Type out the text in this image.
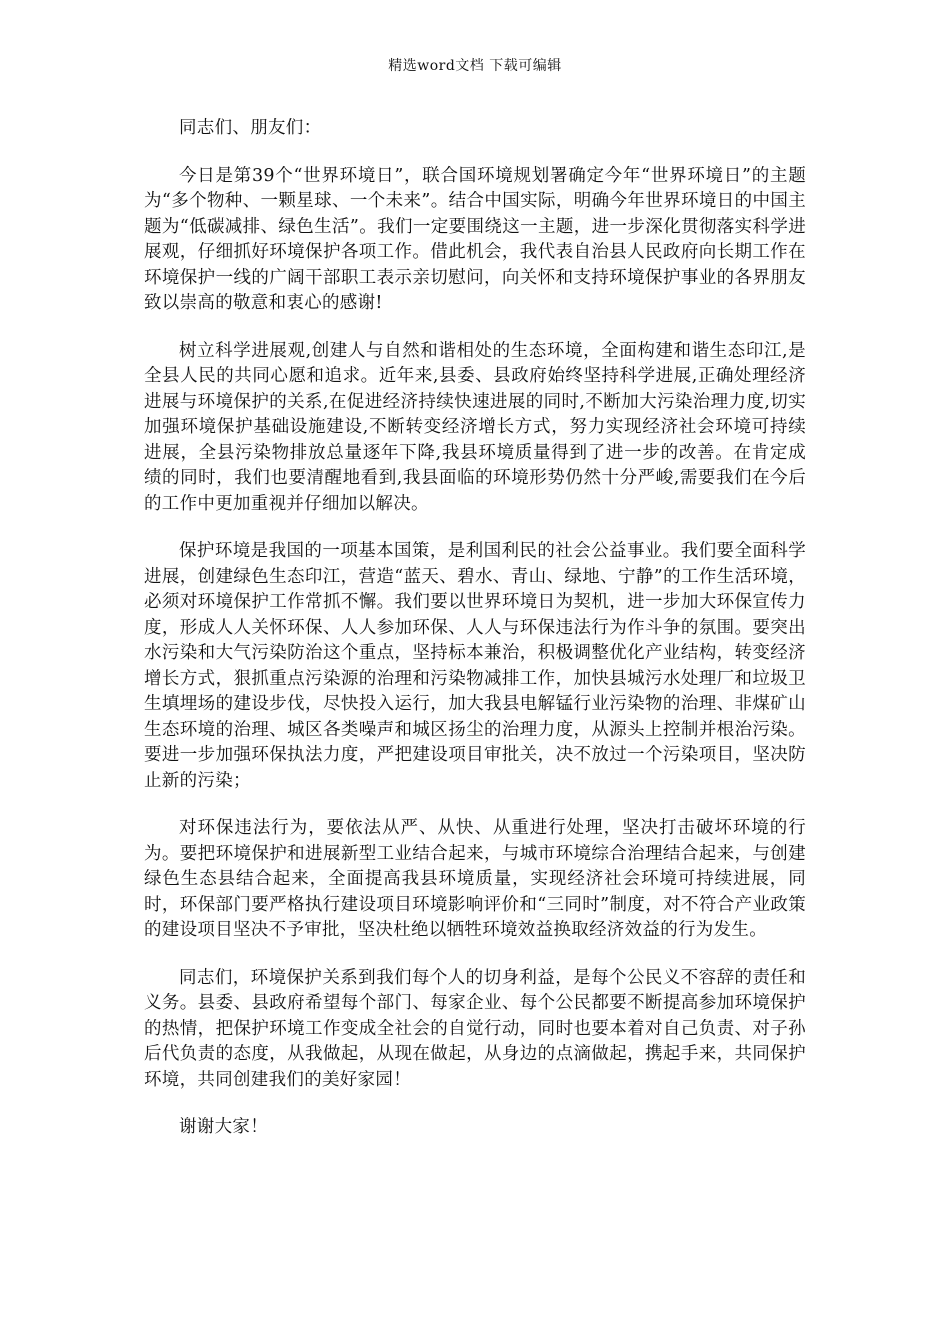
精选word文档 下载可编辑

同志们、朋友们：

今日是第39个“世界环境日”，联合国环境规划署确定今年“世界环境日”的主题为“多个物种、一颗星球、一个未来”。结合中国实际，明确今年世界环境日的中国主题为“低碳减排、绿色生活”。我们一定要围绕这一主题，进一步深化贯彻落实科学进展观，仔细抓好环境保护各项工作。借此机会，我代表自治县人民政府向长期工作在环境保护一线的广阔干部职工表示亲切慰问，向关怀和支持环境保护事业的各界朋友致以崇高的敬意和衷心的感谢!

树立科学进展观,创建人与自然和谐相处的生态环境，全面构建和谐生态印江,是全县人民的共同心愿和追求。近年来,县委、县政府始终坚持科学进展,正确处理经济进展与环境保护的关系,在促进经济持续快速进展的同时,不断加大污染治理力度,切实加强环境保护基础设施建设,不断转变经济增长方式，努力实现经济社会环境可持续进展，全县污染物排放总量逐年下降,我县环境质量得到了进一步的改善。在肯定成绩的同时，我们也要清醒地看到,我县面临的环境形势仍然十分严峻,需要我们在今后的工作中更加重视并仔细加以解决。

保护环境是我国的一项基本国策，是利国利民的社会公益事业。我们要全面科学进展，创建绿色生态印江，营造“蓝天、碧水、青山、绿地、宁静”的工作生活环境，必须对环境保护工作常抓不懈。我们要以世界环境日为契机，进一步加大环保宣传力度，形成人人关怀环保、人人参加环保、人人与环保违法行为作斗争的氛围。要突出水污染和大气污染防治这个重点，坚持标本兼治，积极调整优化产业结构，转变经济增长方式，狠抓重点污染源的治理和污染物减排工作，加快县城污水处理厂和垃圾卫生填埋场的建设步伐，尽快投入运行，加大我县电解锰行业污染物的治理、非煤矿山生态环境的治理、城区各类噪声和城区扬尘的治理力度，从源头上控制并根治污染。要进一步加强环保执法力度，严把建设项目审批关，决不放过一个污染项目，坚决防止新的污染；

对环保违法行为，要依法从严、从快、从重进行处理，坚决打击破坏环境的行为。要把环境保护和进展新型工业结合起来，与城市环境综合治理结合起来，与创建绿色生态县结合起来，全面提高我县环境质量，实现经济社会环境可持续进展，同时，环保部门要严格执行建设项目环境影响评价和“三同时”制度，对不符合产业政策的建设项目坚决不予审批，坚决杜绝以牺牲环境效益换取经济效益的行为发生。

同志们，环境保护关系到我们每个人的切身利益，是每个公民义不容辞的责任和义务。县委、县政府希望每个部门、每家企业、每个公民都要不断提高参加环境保护的热情，把保护环境工作变成全社会的自觉行动，同时也要本着对自己负责、对子孙后代负责的态度，从我做起，从现在做起，从身边的点滴做起，携起手来，共同保护环境，共同创建我们的美好家园！

谢谢大家！
